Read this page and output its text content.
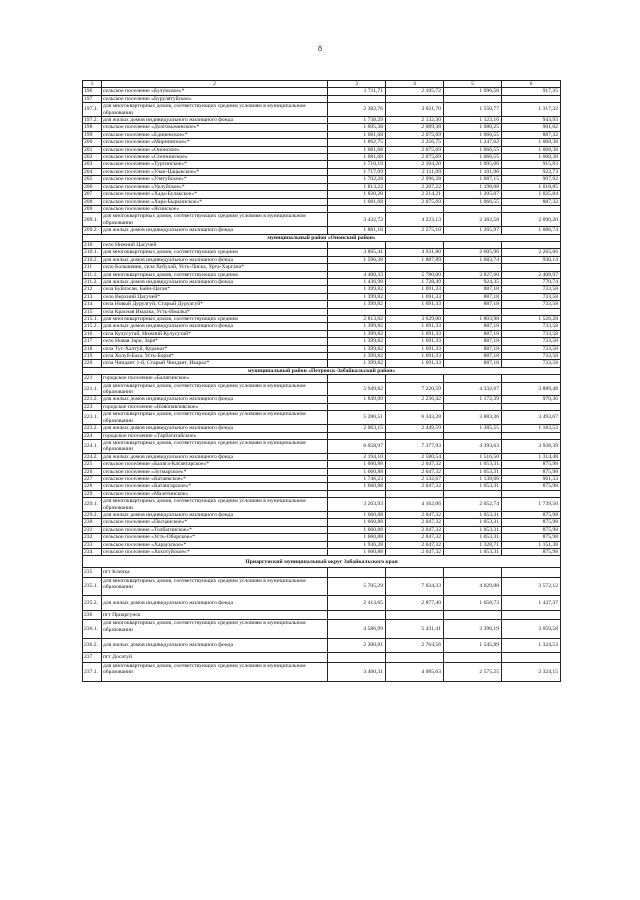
8
1	2	3	4	5	6
196	сельское поселение «Булумское»*	1 711,71	2 105,72	1 096,58	917,35
197	сельское поселение «Бурулятуйское»				
197.1.	для многоквартирных домов, соответствующих средним условиям в муниципальном образовании	2 382,76	3 021,70	1 550,77	1 317,32
197.2.	для жилых домов индивидуального жилищного фонда	1 738,29	2 132,30	1 123,16	943,93
198	сельское поселение «Долгокычинское»*	1 695,38	2 089,38	1 080,25	901,02
199	сельское поселение «Единенское»*	1 681,68	2 075,69	1 066,55	887,32
200	сельское поселение «Мирнинское»*	1 862,75	2 256,75	1 247,62	1 068,38
201	сельское поселение «Ононское»	1 681,68	2 075,69	1 066,55	1 068,38
202	сельское поселение «Степнинское»	1 681,68	2 075,69	1 066,55	1 068,38
203	сельское поселение «Тургинское»*	1 710,19	2 104,20	1 095,06	915,83
204	сельское поселение «Улан-Цацыкское»*	1 717,09	2 111,09	1 101,96	922,73
205	сельское поселение «Улятуйское»*	1 702,28	2 096,28	1 087,15	907,92
206	сельское поселение «Урлуйское»*	1 813,22	2 207,22	1 198,08	1 018,85
207	сельское поселение «Хада-Булакское»*	1 820,20	2 214,21	1 205,07	1 025,84
208	сельское поселение «Хара-Быркинское»*	1 681,68	2 075,69	1 066,55	887,32
209	сельское поселение «Ясинское»				
209.1.	для многоквартирных домов, соответствующих средним условиям в муниципальном образовании	3 432,72	4 223,13	2 382,58	2 090,20
209.2.	для жилых домов индивидуального жилищного фонда	1 881,10	2 275,10	1 265,97	1 086,74
муниципальный район «Ононский район»					
210	село Нижний Цасучей				
210.1.	для многоквартирных домов, соответствующих средним	3 865,41	4 931,80	2 605,96	2 265,66
210.2.	для жилых домов индивидуального жилищного фонда	1 596,38	1 887,89	1 083,74	930,14
211	село Большевик, села Хубухай, Усть-Лиска, Урта-Харгана*				
211.1.	для многоквартирных домов, соответствующих средним	4 400,33	5 780,00	2 827,60	2 408,97
211.2.	для жилых домов индивидуального жилищного фонда	1 436,98	1 728,49	924,35	770,74
212	села Буйлэсан, Байн-Цаган*	1 399,82	1 691,33	887,18	733,58
213	село Верхний Цасучей*	1 399,82	1 691,33	887,18	733,58
214	села Новый Дурулгуй, Старый Дурулгуй*	1 399,82	1 691,33	887,18	733,58
215	села Красная Ималка, Усть-Ималка*				
215.1.	для многоквартирных домов, соответствующих средним	2 813,02	3 629,00	1 803,98	1 526,28
215.2.	для жилых домов индивидуального жилищного фонда	1 399,82	1 691,33	887,18	733,58
216	села Кулусутай, Нижний Кулусутай*	1 399,82	1 691,33	887,18	733,58
217	село Новая Заря, Заря*	1 399,82	1 691,33	887,18	733,58
218	села Тут-Халтуй, Кураназ*	1 399,82	1 691,33	887,18	733,58
219	села Холуй-База, Усть-Борзя*	1 399,82	1 691,33	887,18	733,58
220	села Чиндант 1-й, Старый Чиндант, Икарал*	1 399,82	1 691,33	887,18	733,58
муниципальный район «Петровск-Забайкальский район»					
221	городское поселение «Балягинское»				
221.1.	для многоквартирных домов, соответствующих средним условиям в муниципальном образовании	5 949,82	7 220,59	4 332,67	3 889,48
221.2.	для жилых домов индивидуального жилищного фонда	1 849,99	2 236,42	1 172,39	970,36
223	городское поселение «Новопавловское»				
223.1.	для многоквартирных домов, соответствующих средним условиям в муниципальном образовании	5 286,51	6 343,28	3 883,36	3 493,67
223.2.	для жилых домов индивидуального жилищного фонда	2 063,15	2 449,59	1 385,55	1 183,53
224	городское поселение «Тарбагатайское»				
224.1.	для многоквартирных домов, соответствующих средним условиям в муниципальном образовании	6 058,97	7 377,93	4 393,63	3 938,39
224.2.	для жилых домов индивидуального жилищного фонда	2 194,10	2 580,54	1 516,50	1 314,48
225	сельское поселение «Баляга-Катангарское»*	1 660,88	2 047,32	1 053,31	875,98
226	сельское поселение «Зугмарское»*	1 660,88	2 047,32	1 053,31	875,98
227	сельское поселение «Катаевское»*	1 746,23	2 132,67	1 138,66	961,33
228	сельское поселение «Катангарское»*	1 660,88	2 047,32	1 053,31	875,98
229	сельское поселение «Малетинское»				
229.1.	для многоквартирных домов, соответствующих средним условиям в муниципальном образовании	3 203,93	4 162,06	2 052,74	1 739,50
229.2.	для жилых домов индивидуального жилищного фонда	1 660,88	2 047,32	1 053,31	875,98
230	сельское поселение «Песчанское»*	1 660,88	2 047,32	1 053,31	875,98
231	сельское поселение «Толбагинское»*	1 660,88	2 047,32	1 053,31	875,98
232	сельское поселение «Усть-Оборское»*	1 660,88	2 047,32	1 053,31	875,98
233	сельское поселение «Хараузское»*	1 936,28	2 047,32	1 328,71	1 151,38
234	сельское поселение «Хохотуйское»*	1 660,88	2 047,32	1 053,31	875,98
Приаргунский муниципальный округ Забайкальского края					
235	пгт Кличка				
235.1.	для многоквартирных домов, соответствующих средним условиям в муниципальном образовании	5 705,29	7 034,33	4 029,88	3 572,12
235.2.	для жилых домов индивидуального жилищного фонда	2 413,65	2 877,40	1 658,73	1 437,37
236	пгт Приаргунск				
236.1.	для многоквартирных домов, соответствующих средним условиям в муниципальном образовании	4 586,99	5 431,41	3 396,19	3 059,58
236.2.	для жилых домов индивидуального жилищного фонда	2 300,81	2 764,56	1 545,89	1 324,53
237	пгт Досатуй				
237.1.	для многоквартирных домов, соответствующих средним условиям в муниципальном образовании	3 460,31	4 085,63	2 575,25	2 324,15
